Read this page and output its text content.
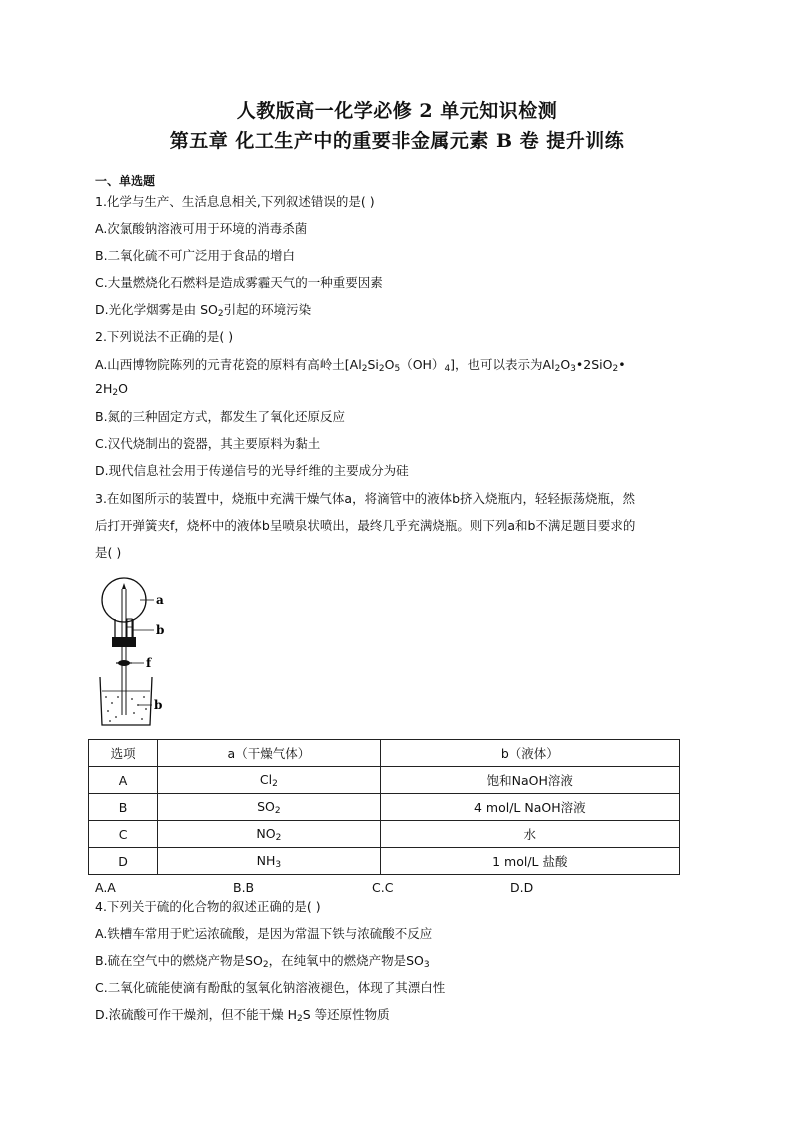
人教版高一化学必修 2 单元知识检测
第五章 化工生产中的重要非金属元素 B 卷 提升训练
一、单选题
1.化学与生产、生活息息相关,下列叙述错误的是( )
A.次氯酸钠溶液可用于环境的消毒杀菌
B.二氧化硫不可广泛用于食品的增白
C.大量燃烧化石燃料是造成雾霾天气的一种重要因素
D.光化学烟雾是由 $SO_2$引起的环境污染
2.下列说法不正确的是( )
A.山西博物院陈列的元青花瓷的原料有高岭土$[Al_2Si_2O_5(OH)_4]$，也可以表示为$Al_2O_3•2SiO_2•$
$2H_2O$
B.氮的三种固定方式，都发生了氧化还原反应
C.汉代烧制出的瓷器，其主要原料为黏土
D.现代信息社会用于传递信号的光导纤维的主要成分为硅
3.在如图所示的装置中，烧瓶中充满干燥气体a，将滴管中的液体b挤入烧瓶内，轻轻振荡烧瓶，然
后打开弹簧夹f，烧杯中的液体b呈喷泉状喷出，最终几乎充满烧瓶。则下列a和b不满足题目要求的
是( )
a
b
f
b
选项	a（干燥气体）	b（液体）
A	$Cl_2$	饱和NaOH溶液
B	$SO_2$	4 mol/L NaOH溶液
C	$NO_2$	水
D	$NH_3$	1 mol/L 盐酸
A.A	B.B	C.C	D.D
4.下列关于硫的化合物的叙述正确的是( )
A.铁槽车常用于贮运浓硫酸，是因为常温下铁与浓硫酸不反应
B.硫在空气中的燃烧产物是$SO_2$，在纯氧中的燃烧产物是$SO_3$
C.二氧化硫能使滴有酚酞的氢氧化钠溶液褪色，体现了其漂白性
D.浓硫酸可作干燥剂，但不能干燥 $H_2S$ 等还原性物质
